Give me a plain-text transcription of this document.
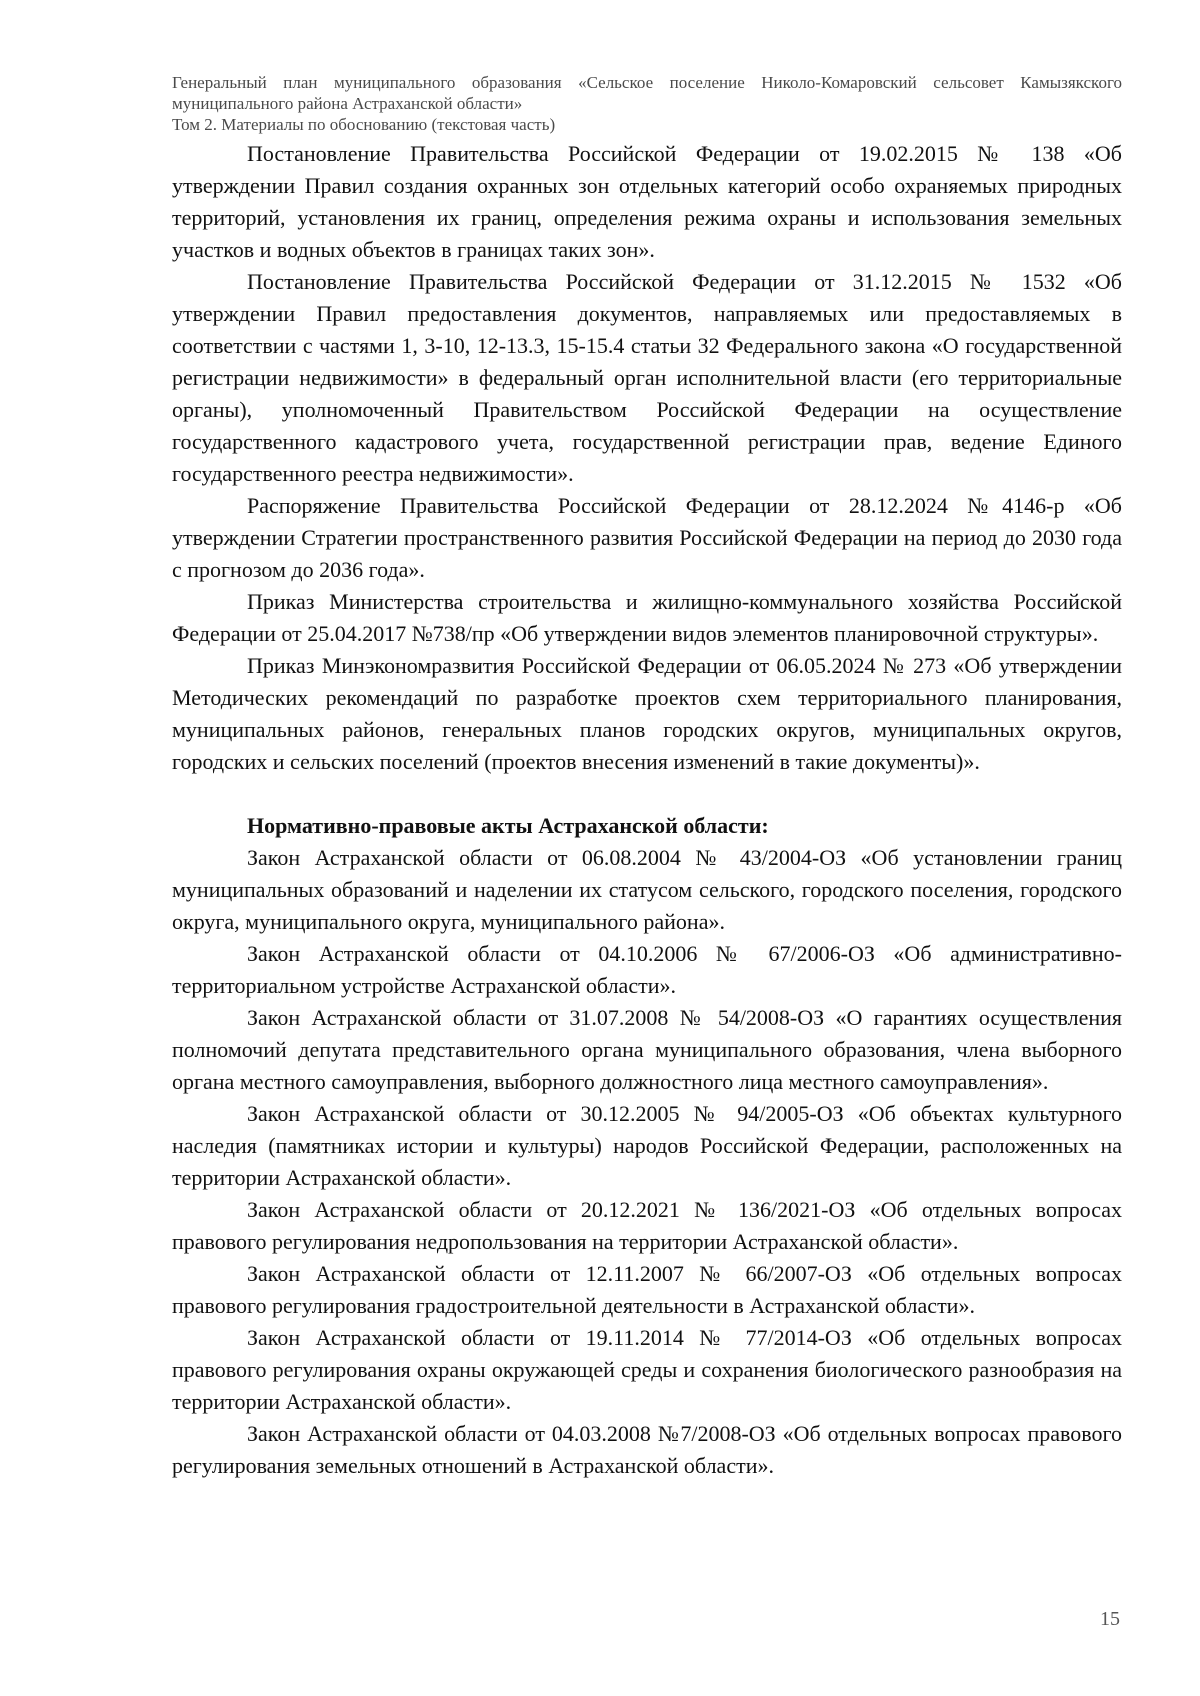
Генеральный план муниципального образования «Сельское поселение Николо-Комаровский сельсовет Камызякского муниципального района Астраханской области»
Том 2. Материалы по обоснованию (текстовая часть)

Постановление Правительства Российской Федерации от 19.02.2015 № 138 «Об утверждении Правил создания охранных зон отдельных категорий особо охраняемых природных территорий, установления их границ, определения режима охраны и использования земельных участков и водных объектов в границах таких зон».

Постановление Правительства Российской Федерации от 31.12.2015 № 1532 «Об утверждении Правил предоставления документов, направляемых или предоставляемых в соответствии с частями 1, 3-10, 12-13.3, 15-15.4 статьи 32 Федерального закона «О государственной регистрации недвижимости» в федеральный орган исполнительной власти (его территориальные органы), уполномоченный Правительством Российской Федерации на осуществление государственного кадастрового учета, государственной регистрации прав, ведение Единого государственного реестра недвижимости».

Распоряжение Правительства Российской Федерации от 28.12.2024 №4146-р «Об утверждении Стратегии пространственного развития Российской Федерации на период до 2030 года с прогнозом до 2036 года».

Приказ Министерства строительства и жилищно-коммунального хозяйства Российской Федерации от 25.04.2017 №738/пр «Об утверждении видов элементов планировочной структуры».

Приказ Минэкономразвития Российской Федерации от 06.05.2024 № 273 «Об утверждении Методических рекомендаций по разработке проектов схем территориального планирования, муниципальных районов, генеральных планов городских округов, муниципальных округов, городских и сельских поселений (проектов внесения изменений в такие документы)».

Нормативно-правовые акты Астраханской области:

Закон Астраханской области от 06.08.2004 № 43/2004-ОЗ «Об установлении границ муниципальных образований и наделении их статусом сельского, городского поселения, городского округа, муниципального округа, муниципального района».

Закон Астраханской области от 04.10.2006 № 67/2006-ОЗ «Об административно-территориальном устройстве Астраханской области».

Закон Астраханской области от 31.07.2008 № 54/2008-ОЗ «О гарантиях осуществления полномочий депутата представительного органа муниципального образования, члена выборного органа местного самоуправления, выборного должностного лица местного самоуправления».

Закон Астраханской области от 30.12.2005 № 94/2005-ОЗ «Об объектах культурного наследия (памятниках истории и культуры) народов Российской Федерации, расположенных на территории Астраханской области».

Закон Астраханской области от 20.12.2021 № 136/2021-ОЗ «Об отдельных вопросах правового регулирования недропользования на территории Астраханской области».

Закон Астраханской области от 12.11.2007 № 66/2007-ОЗ «Об отдельных вопросах правового регулирования градостроительной деятельности в Астраханской области».

Закон Астраханской области от 19.11.2014 № 77/2014-ОЗ «Об отдельных вопросах правового регулирования охраны окружающей среды и сохранения биологического разнообразия на территории Астраханской области».

Закон Астраханской области от 04.03.2008 №7/2008-ОЗ «Об отдельных вопросах правового регулирования земельных отношений в Астраханской области».

15
